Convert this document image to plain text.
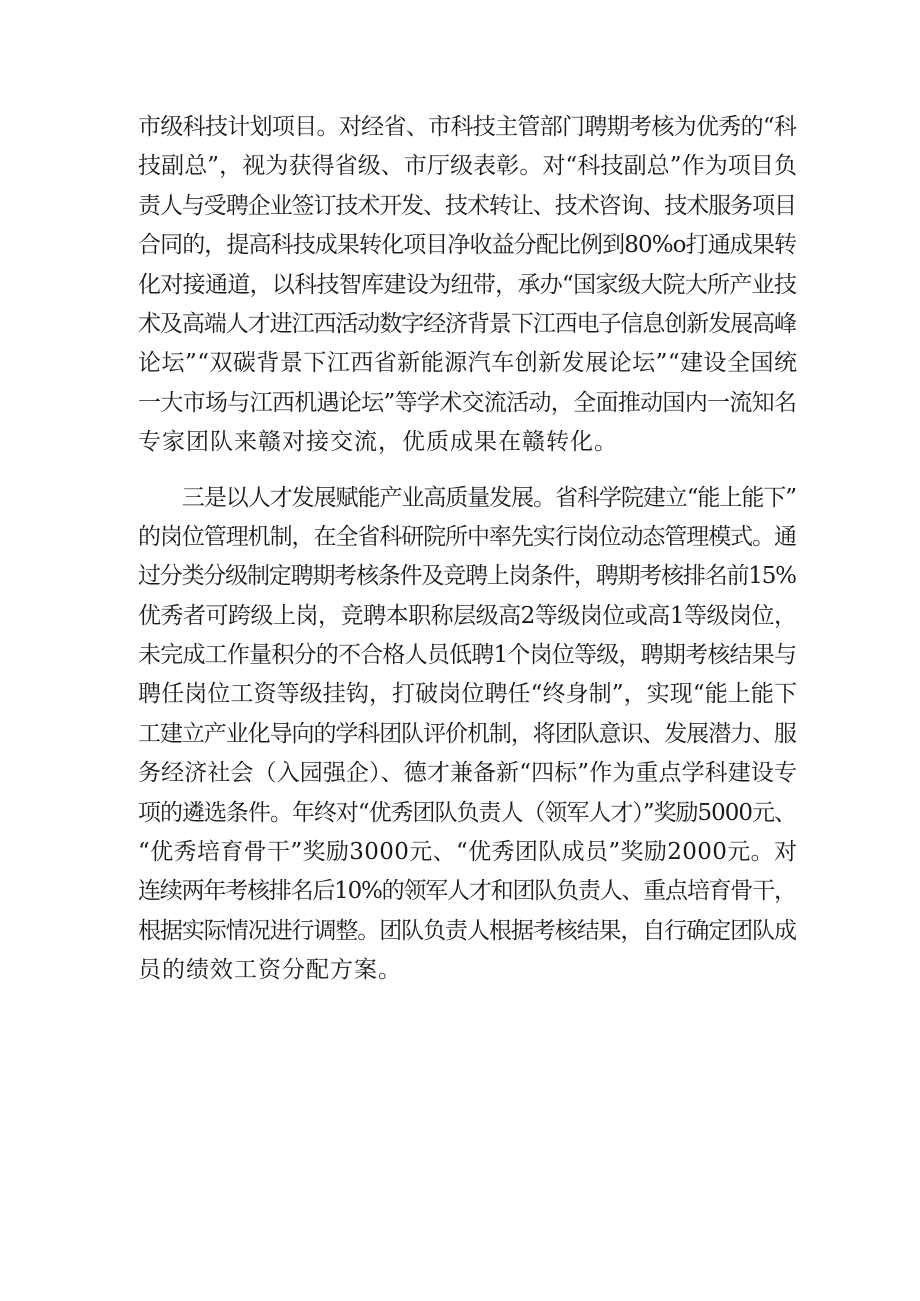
市级科技计划项目。对经省、市科技主管部门聘期考核为优秀的“科
技副总”，视为获得省级、市厅级表彰。对“科技副总”作为项目负
责人与受聘企业签订技术开发、技术转让、技术咨询、技术服务项目
合同的，提高科技成果转化项目净收益分配比例到80%o打通成果转
化对接通道，以科技智库建设为纽带，承办“国家级大院大所产业技
术及高端人才进江西活动数字经济背景下江西电子信息创新发展高峰
论坛”“双碳背景下江西省新能源汽车创新发展论坛”“建设全国统
一大市场与江西机遇论坛”等学术交流活动，全面推动国内一流知名
专家团队来赣对接交流，优质成果在赣转化。
　　三是以人才发展赋能产业高质量发展。省科学院建立“能上能下”
的岗位管理机制，在全省科研院所中率先实行岗位动态管理模式。通
过分类分级制定聘期考核条件及竞聘上岗条件，聘期考核排名前15%
优秀者可跨级上岗，竞聘本职称层级高2等级岗位或高1等级岗位，
未完成工作量积分的不合格人员低聘1个岗位等级，聘期考核结果与
聘任岗位工资等级挂钩，打破岗位聘任“终身制”，实现“能上能下
工建立产业化导向的学科团队评价机制，将团队意识、发展潜力、服
务经济社会（入园强企）、德才兼备新“四标”作为重点学科建设专
项的遴选条件。年终对“优秀团队负责人（领军人才）”奖励5000元、
“优秀培育骨干”奖励3000元、“优秀团队成员”奖励2000元。对
连续两年考核排名后10%的领军人才和团队负责人、重点培育骨干，
根据实际情况进行调整。团队负责人根据考核结果，自行确定团队成
员的绩效工资分配方案。
